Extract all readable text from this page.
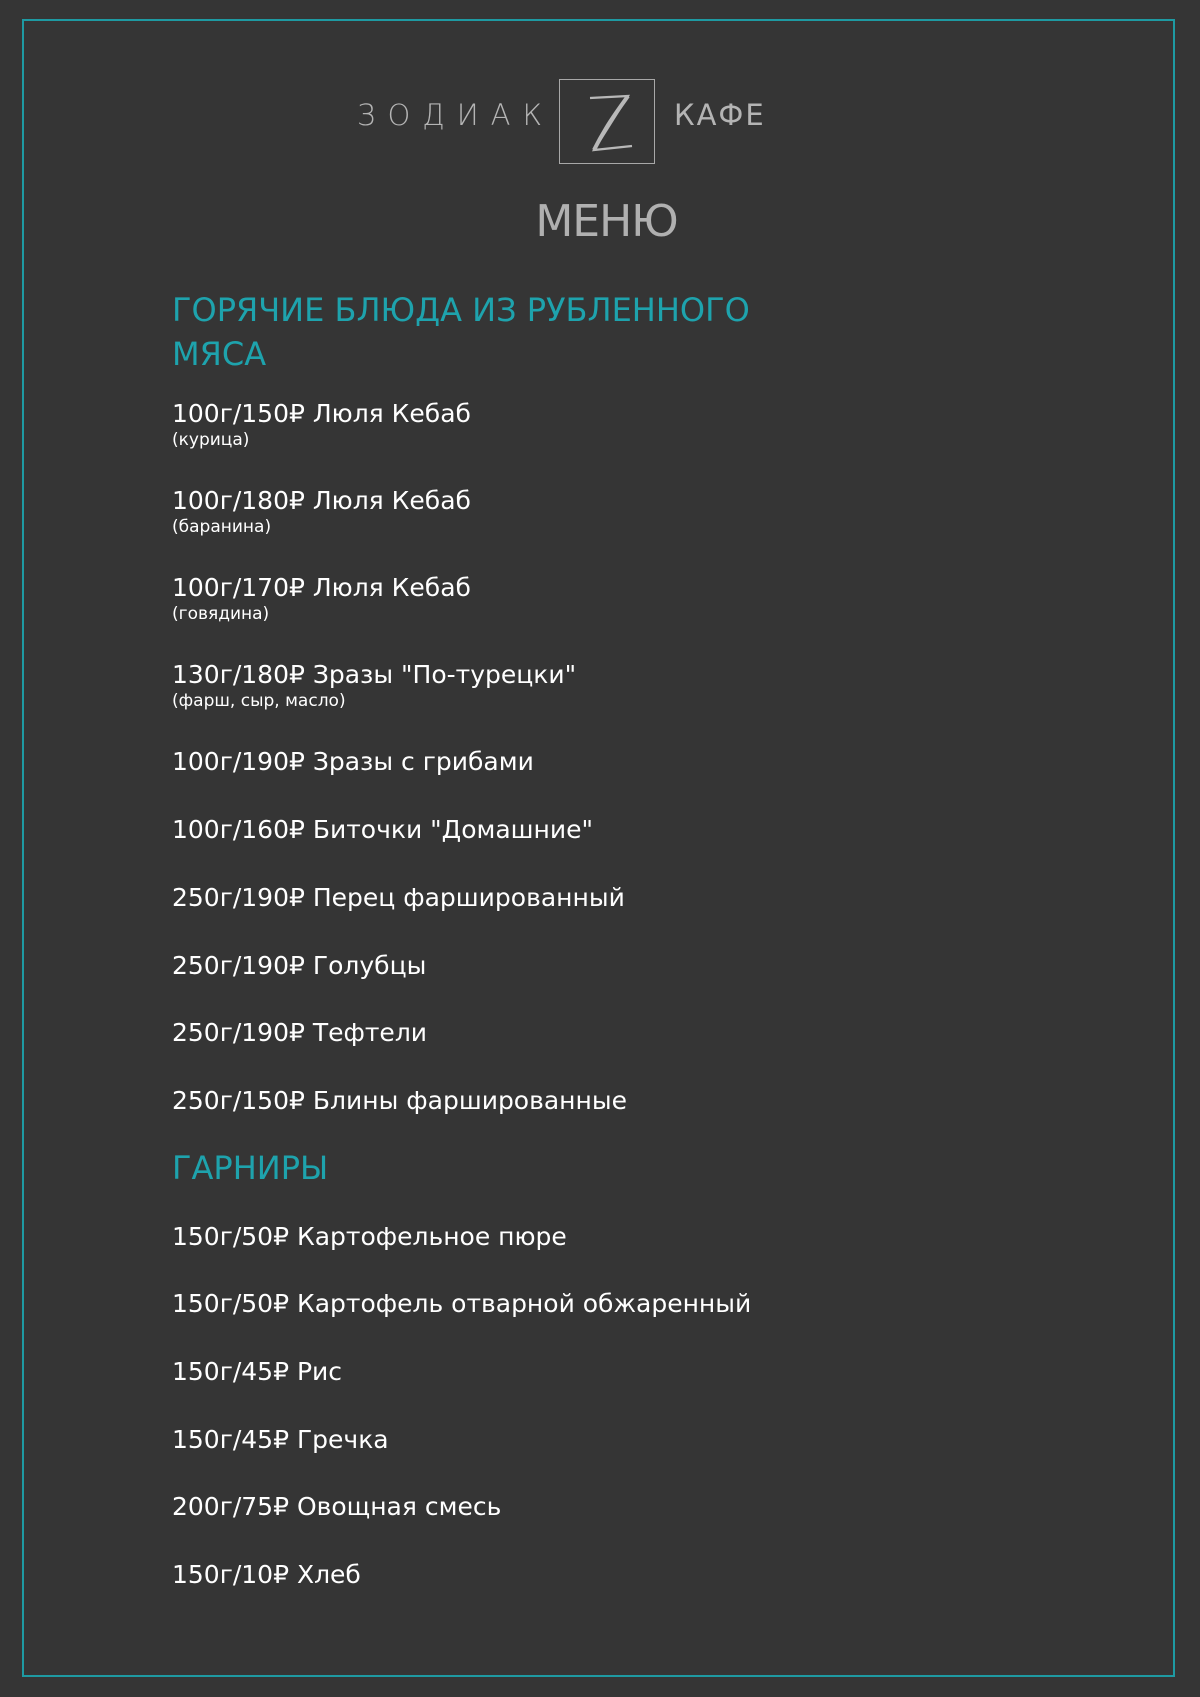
ЗОДИАК	КАФЕ
МЕНЮ
ГОРЯЧИЕ БЛЮДА ИЗ РУБЛЕННОГО
МЯСА
100г/150₽ Люля Кебаб
(курица)
100г/180₽ Люля Кебаб
(баранина)
100г/170₽ Люля Кебаб
(говядина)
130г/180₽ Зразы "По-турецки"
(фарш, сыр, масло)
100г/190₽ Зразы с грибами
100г/160₽ Биточки "Домашние"
250г/190₽ Перец фаршированный
250г/190₽ Голубцы
250г/190₽ Тефтели
250г/150₽ Блины фаршированные
ГАРНИРЫ
150г/50₽ Картофельное пюре
150г/50₽ Картофель отварной обжаренный
150г/45₽ Рис
150г/45₽ Гречка
200г/75₽ Овощная смесь
150г/10₽ Хлеб
